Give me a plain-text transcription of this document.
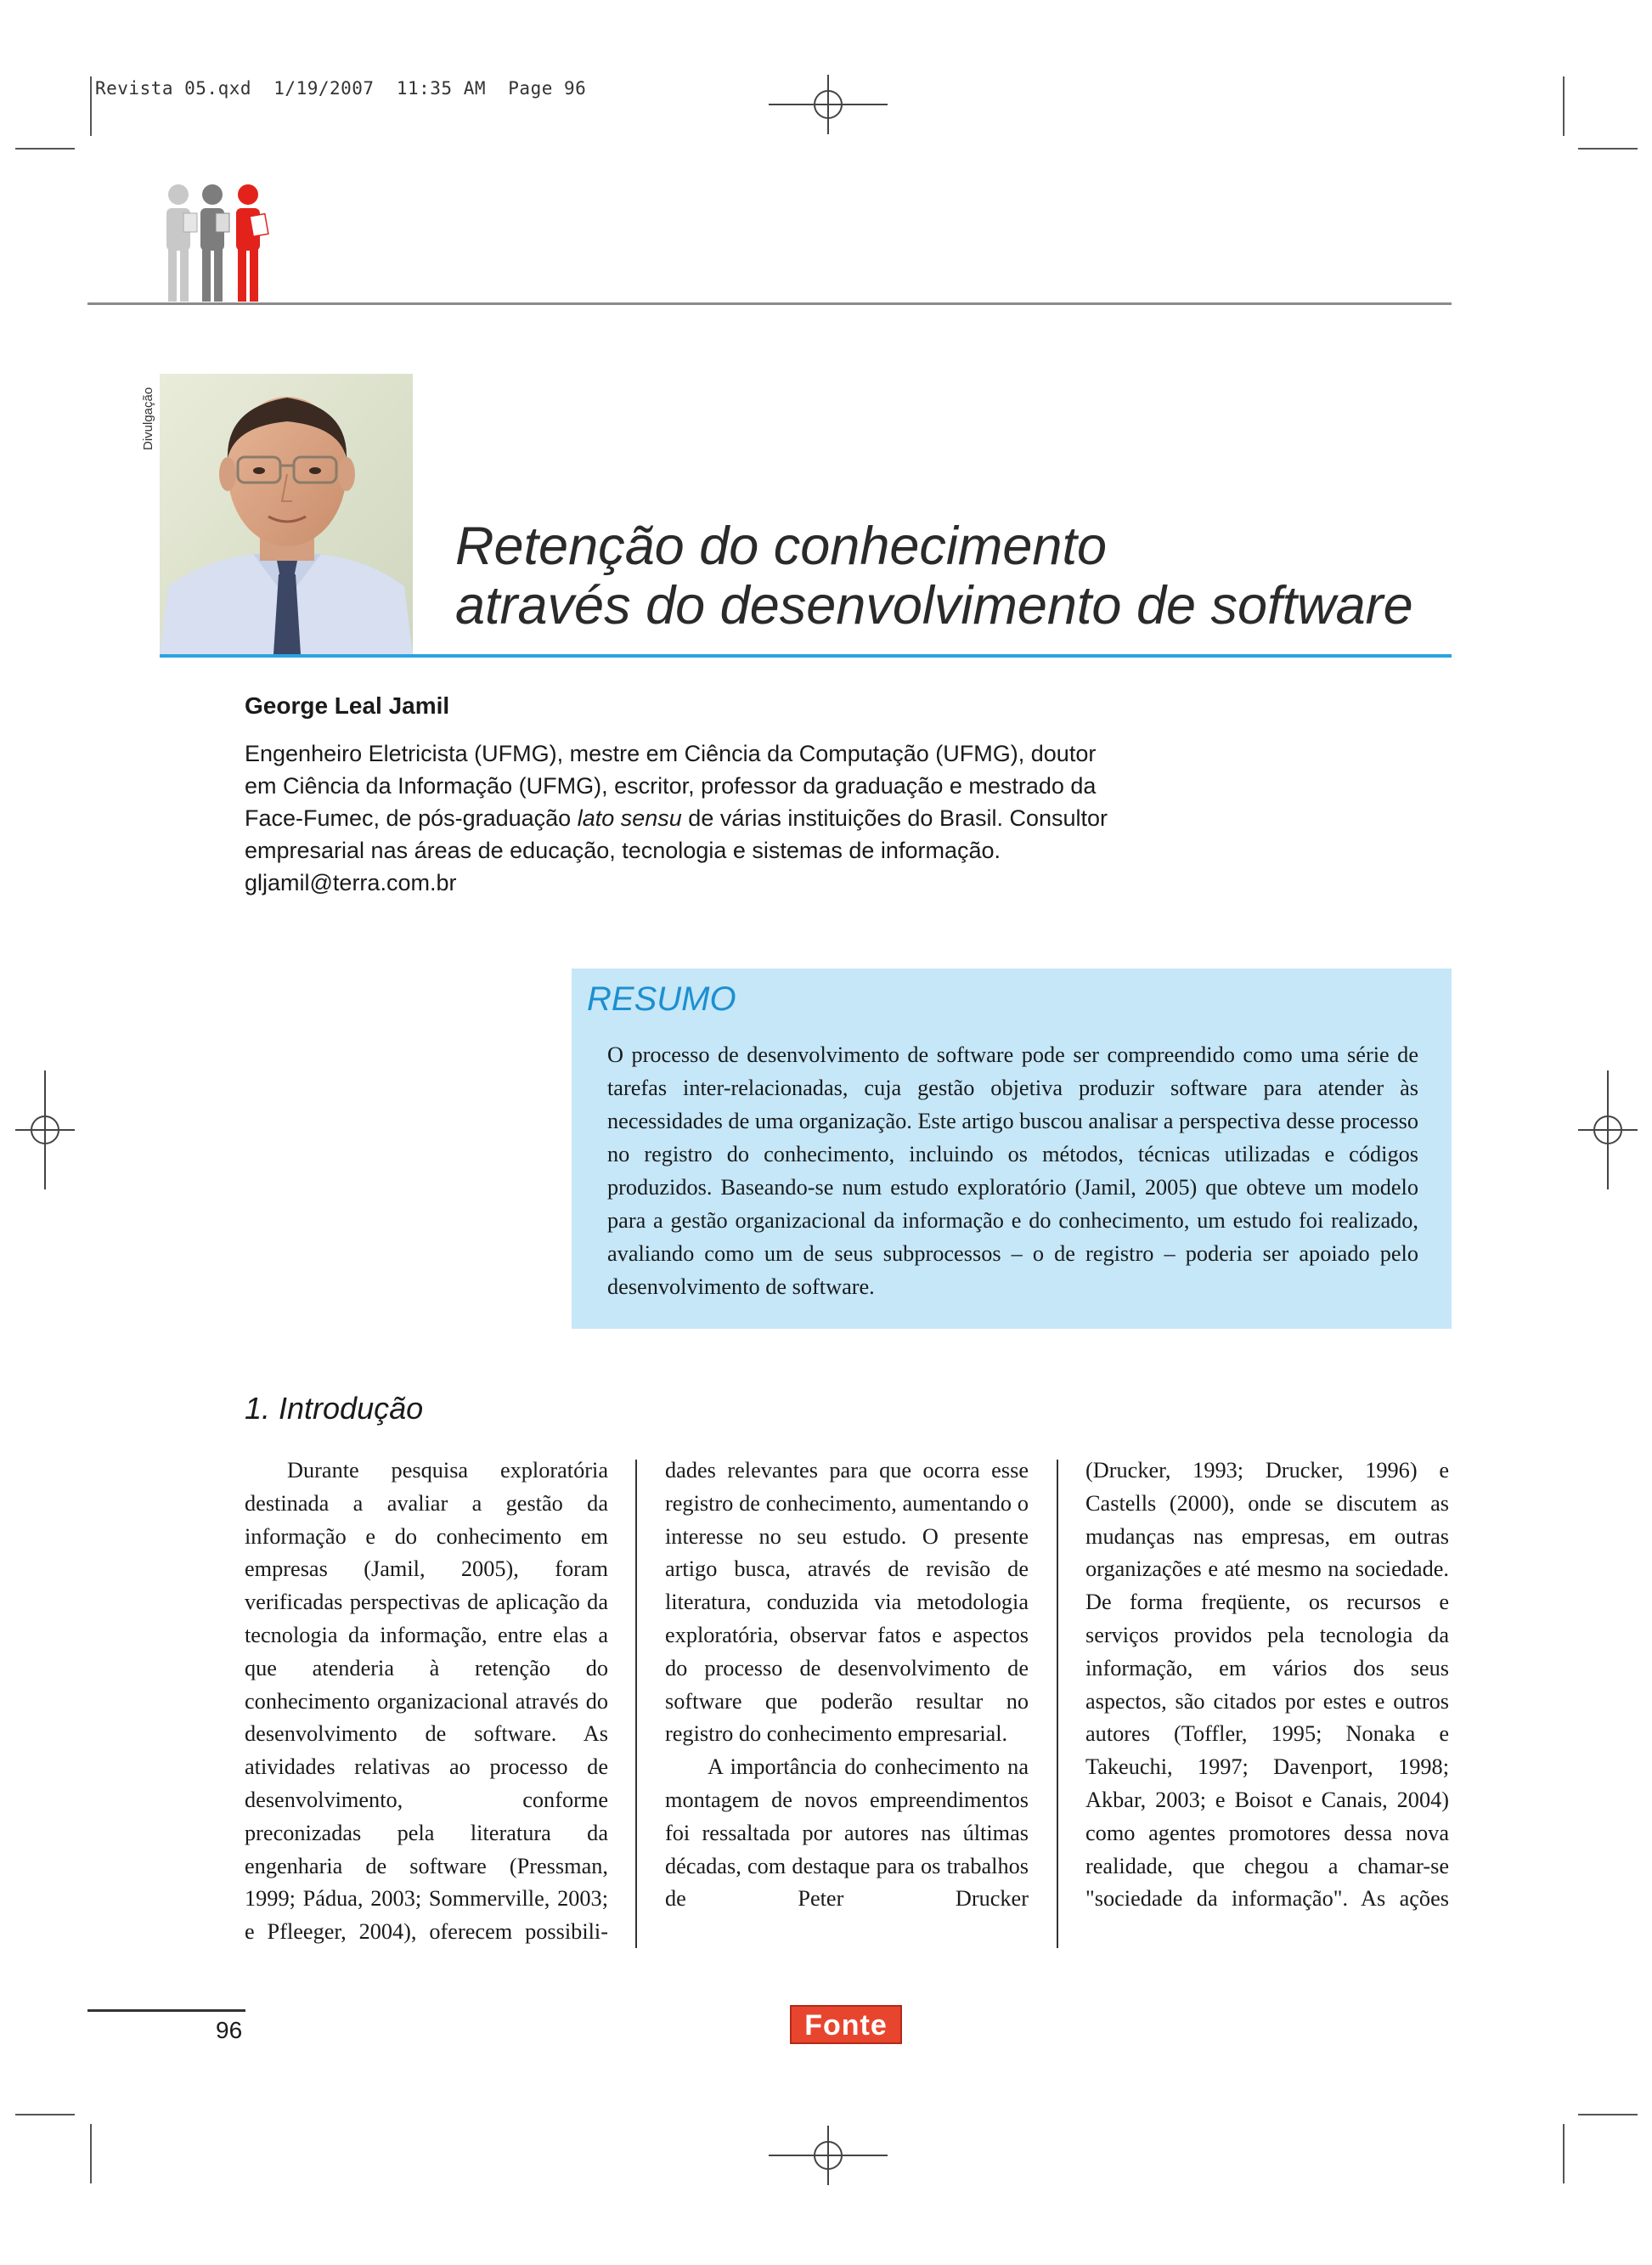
Revista 05.qxd  1/19/2007  11:35 AM  Page 96
Divulgação
Retenção do conhecimento
através do desenvolvimento de software
George Leal Jamil

Engenheiro Eletricista (UFMG), mestre em Ciência da Computação (UFMG), doutor

em Ciência da Informação (UFMG), escritor, professor da graduação e mestrado da

Face-Fumec, de pós-graduação lato sensu de várias instituições do Brasil. Consultor

empresarial nas áreas de educação, tecnologia e sistemas de informação.

gljamil@terra.com.br

RESUMO
O processo de desenvolvimento de software pode ser compreendido como uma série de tarefas inter-relacionadas, cuja gestão objetiva produzir software para atender às necessidades de uma organização. Este artigo buscou analisar a perspectiva desse processo no registro do conhecimento, incluindo os métodos, técnicas utilizadas e códigos produzidos. Baseando-se num estudo exploratório (Jamil, 2005) que obteve um modelo para a gestão organizacional da informação e do conhecimento, um estudo foi realizado, avaliando como um de seus subprocessos – o de registro – poderia ser apoiado pelo desenvolvimento de software.
1. Introdução

Durante pesquisa exploratória destinada a avaliar a gestão da informação e do conhecimento em empresas (Jamil, 2005), foram verificadas perspectivas de aplicação da tecnologia da informação, entre elas a que atenderia à retenção do conhecimento organizacional através do desenvolvimento de software. As atividades relativas ao processo de desenvolvimento, conforme preconizadas pela literatura da engenharia de software (Pressman, 1999; Pádua, 2003; Sommerville, 2003; e Pfleeger, 2004), oferecem possibili-

dades relevantes para que ocorra esse registro de conhecimento, aumentando o interesse no seu estudo. O presente artigo busca, através de revisão de literatura, conduzida via metodologia exploratória, observar fatos e aspectos do processo de desenvolvimento de software que poderão resultar no registro do conhecimento empresarial.

A importância do conhecimento na montagem de novos empreendimentos foi ressaltada por autores nas últimas décadas, com destaque para os trabalhos de Peter Drucker

(Drucker, 1993; Drucker, 1996) e Castells (2000), onde se discutem as mudanças nas empresas, em outras organizações e até mesmo na sociedade. De forma freqüente, os recursos e serviços providos pela tecnologia da informação, em vários dos seus aspectos, são citados por estes e outros autores (Toffler, 1995; Nonaka e Takeuchi, 1997; Davenport, 1998; Akbar, 2003; e Boisot e Canais, 2004) como agentes promotores dessa nova realidade, que chegou a chamar-se "sociedade da informação". As ações

96	Fonte
